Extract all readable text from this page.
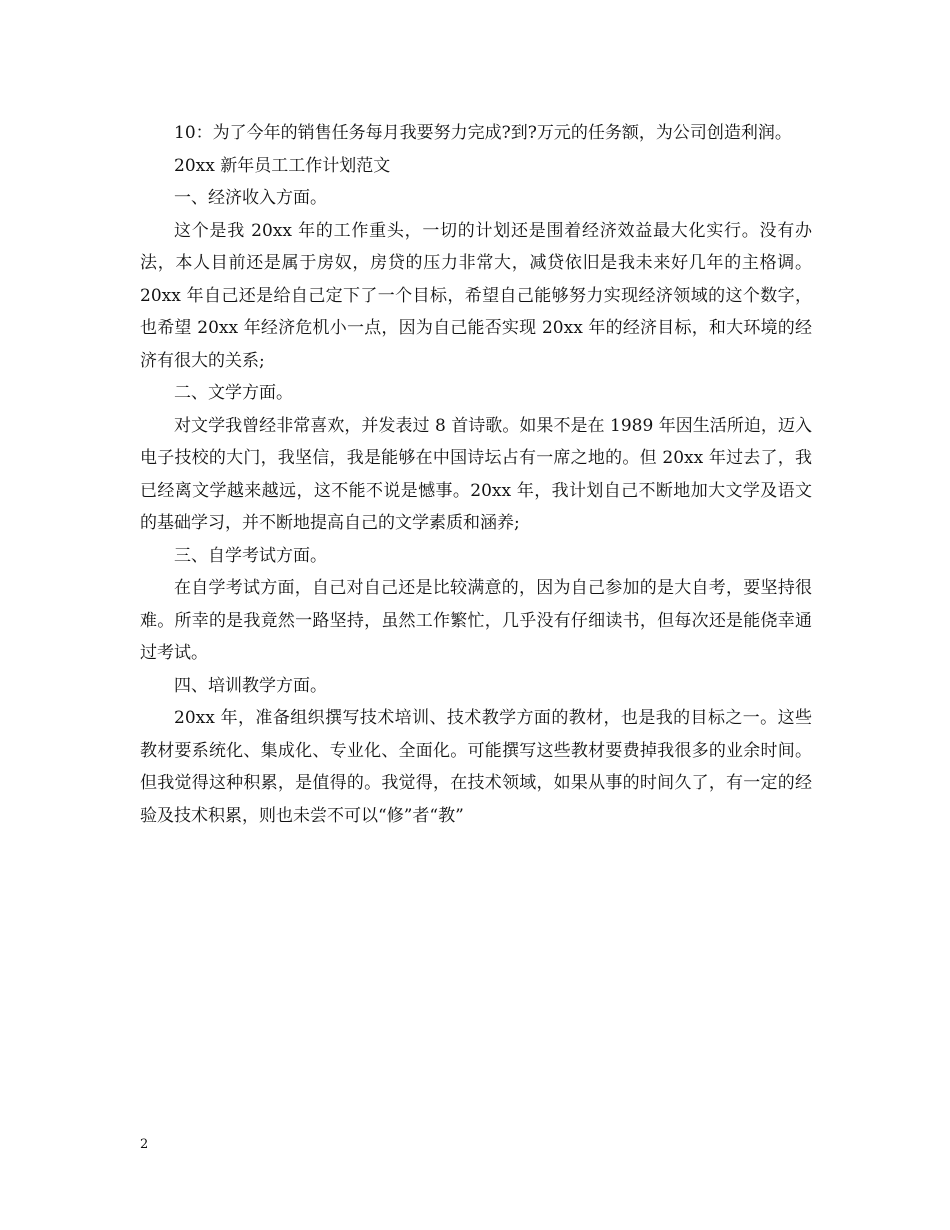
10：为了今年的销售任务每月我要努力完成?到?万元的任务额，为公司创造利润。

20xx 新年员工工作计划范文

一、经济收入方面。

这个是我 20xx 年的工作重头，一切的计划还是围着经济效益最大化实行。没有办法，本人目前还是属于房奴，房贷的压力非常大，减贷依旧是我未来好几年的主格调。20xx 年自己还是给自己定下了一个目标，希望自己能够努力实现经济领域的这个数字，也希望 20xx 年经济危机小一点，因为自己能否实现 20xx 年的经济目标，和大环境的经济有很大的关系;

二、文学方面。

对文学我曾经非常喜欢，并发表过 8 首诗歌。如果不是在 1989 年因生活所迫，迈入电子技校的大门，我坚信，我是能够在中国诗坛占有一席之地的。但 20xx 年过去了，我已经离文学越来越远，这不能不说是憾事。20xx 年，我计划自己不断地加大文学及语文的基础学习，并不断地提高自己的文学素质和涵养;

三、自学考试方面。

在自学考试方面，自己对自己还是比较满意的，因为自己参加的是大自考，要坚持很难。所幸的是我竟然一路坚持，虽然工作繁忙，几乎没有仔细读书，但每次还是能侥幸通过考试。

四、培训教学方面。

20xx 年，准备组织撰写技术培训、技术教学方面的教材，也是我的目标之一。这些教材要系统化、集成化、专业化、全面化。可能撰写这些教材要费掉我很多的业余时间。但我觉得这种积累，是值得的。我觉得，在技术领域，如果从事的时间久了，有一定的经验及技术积累，则也未尝不可以“修”者“教”

2
